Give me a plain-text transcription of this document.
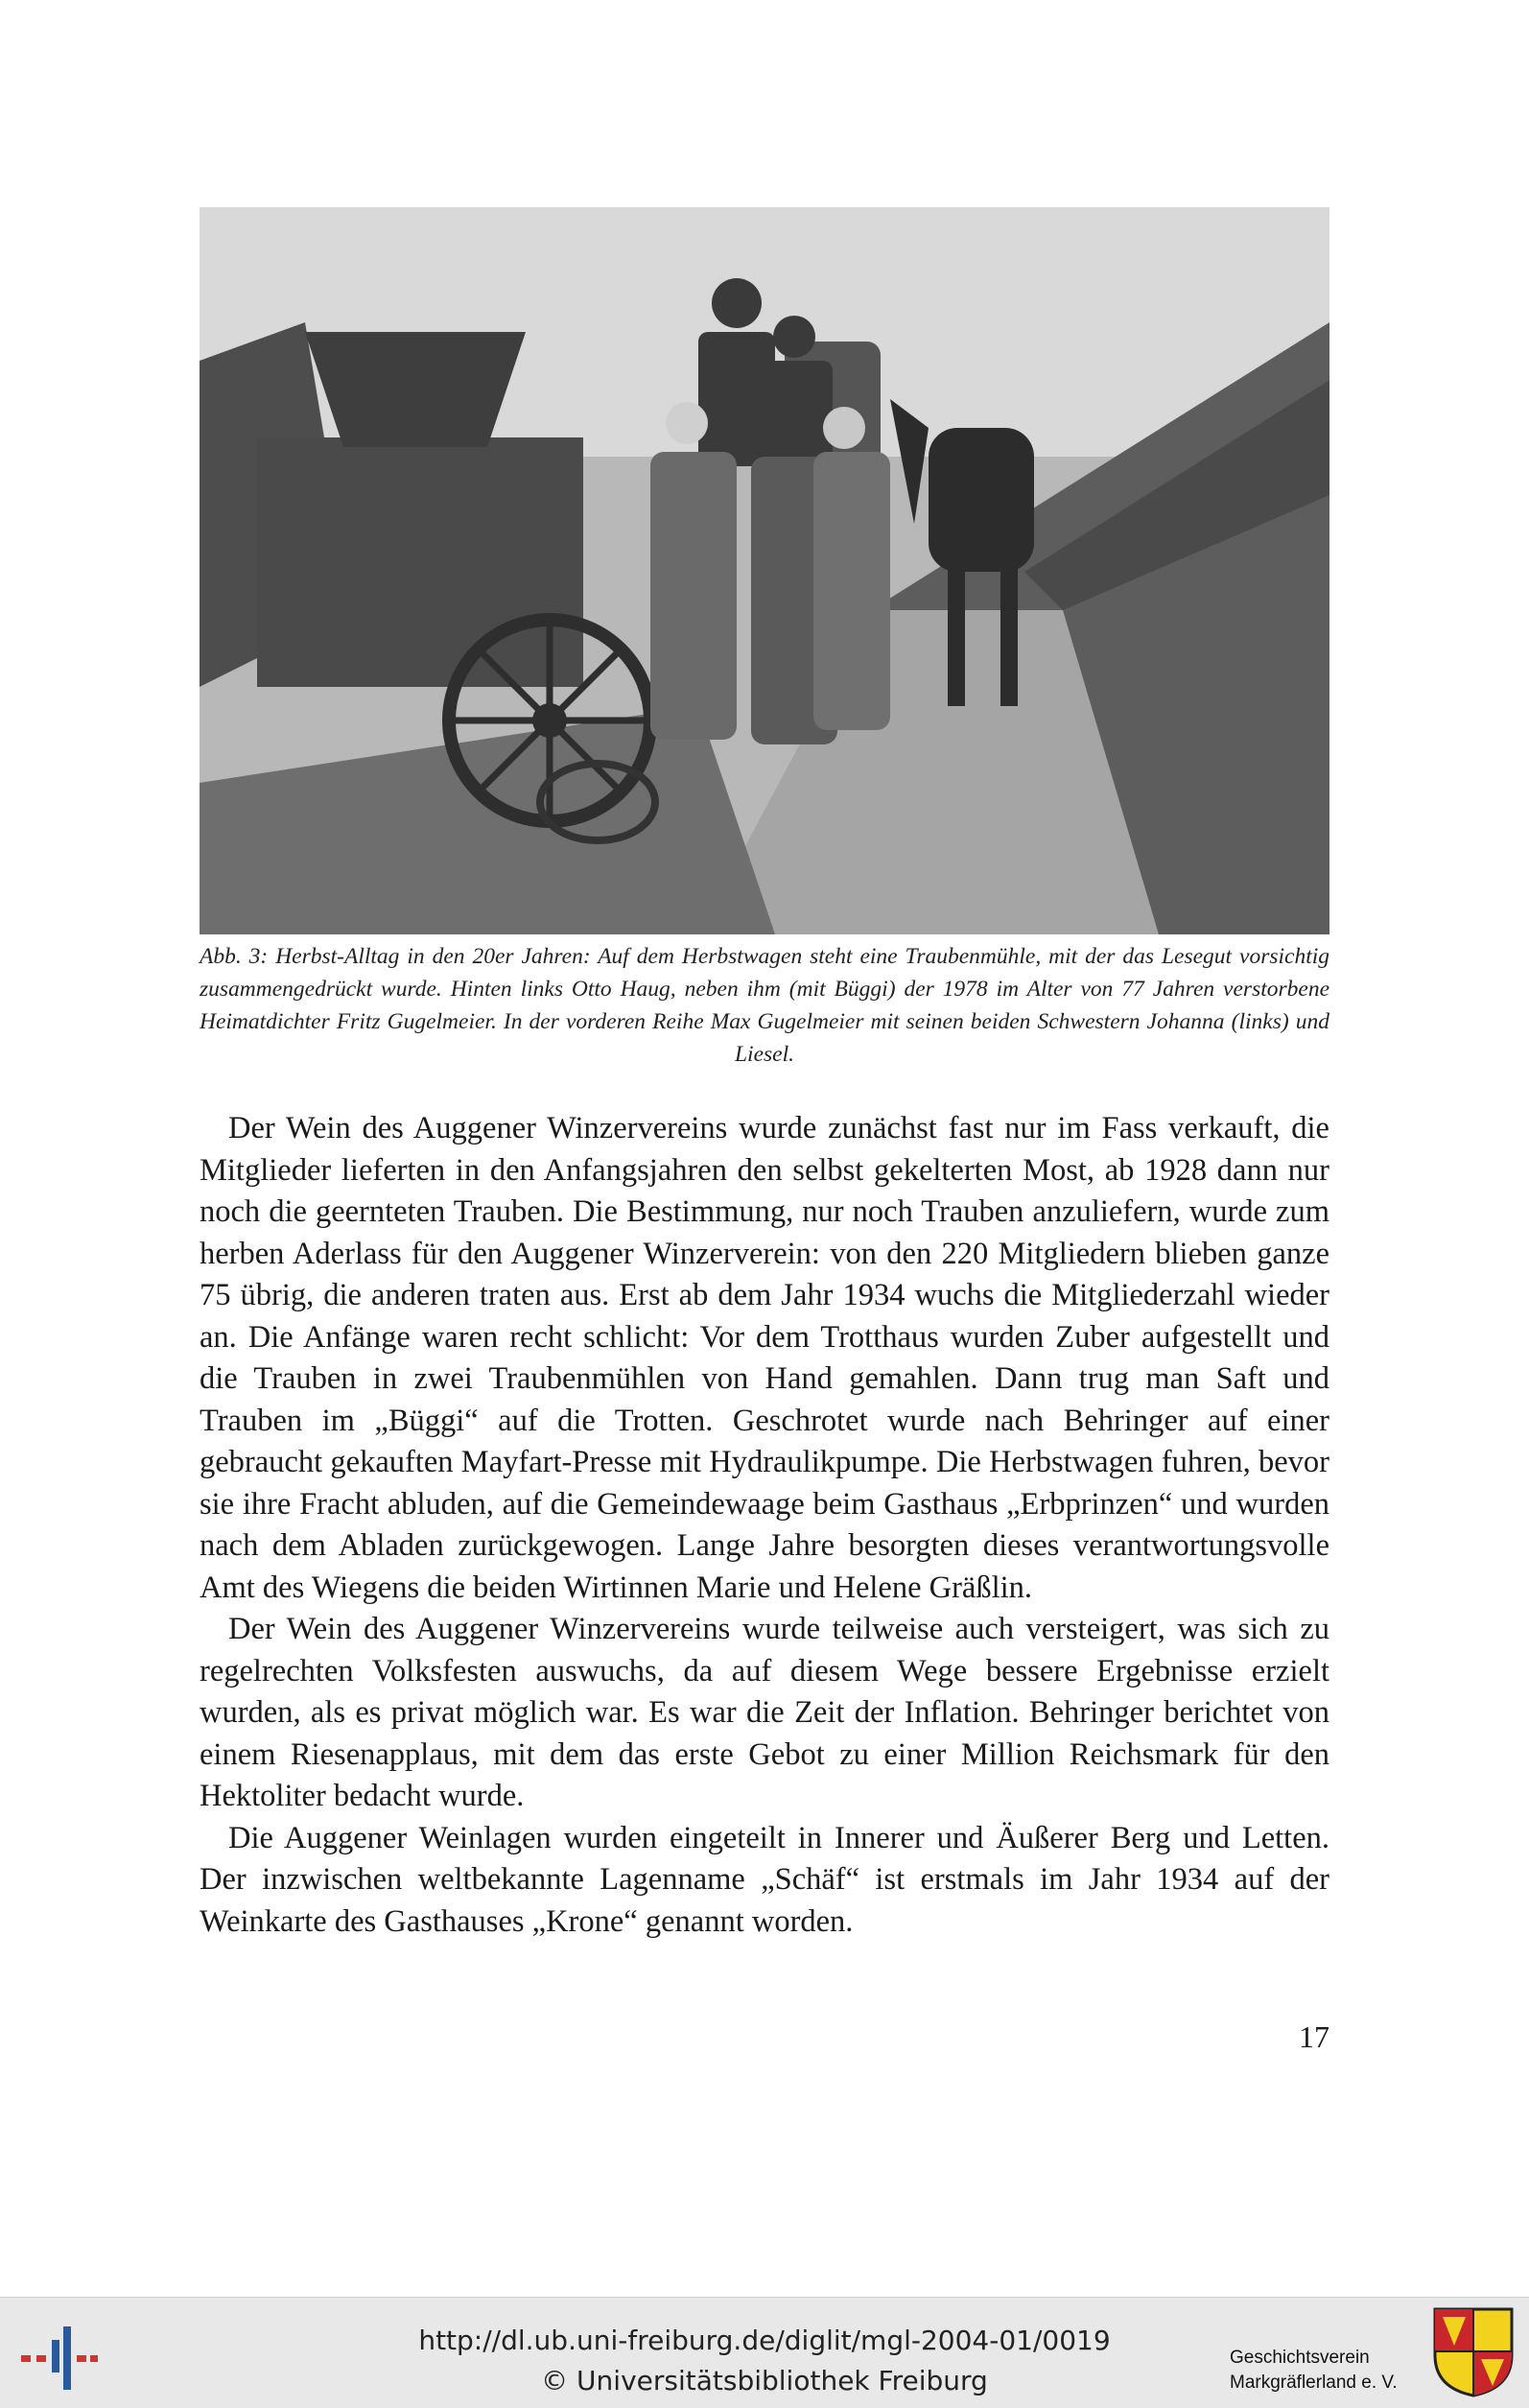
Abb. 3: Herbst-Alltag in den 20er Jahren: Auf dem Herbstwagen steht eine Traubenmühle, mit der das Lesegut vorsichtig zusammengedrückt wurde. Hinten links Otto Haug, neben ihm (mit Büggi) der 1978 im Alter von 77 Jahren verstorbene Heimatdichter Fritz Gugelmeier. In der vorderen Reihe Max Gugelmeier mit seinen beiden Schwestern Johanna (links) und Liesel.

Der Wein des Auggener Winzervereins wurde zunächst fast nur im Fass verkauft, die Mitglieder lieferten in den Anfangsjahren den selbst gekelterten Most, ab 1928 dann nur noch die geernteten Trauben. Die Bestimmung, nur noch Trauben anzuliefern, wurde zum herben Aderlass für den Auggener Winzerverein: von den 220 Mitgliedern blieben ganze 75 übrig, die anderen traten aus. Erst ab dem Jahr 1934 wuchs die Mitgliederzahl wieder an. Die Anfänge waren recht schlicht: Vor dem Trotthaus wurden Zuber aufgestellt und die Trauben in zwei Traubenmühlen von Hand gemahlen. Dann trug man Saft und Trauben im „Büggi“ auf die Trotten. Geschrotet wurde nach Behringer auf einer gebraucht gekauften Mayfart-Presse mit Hydraulikpumpe. Die Herbstwagen fuhren, bevor sie ihre Fracht abluden, auf die Gemeindewaage beim Gasthaus „Erbprinzen“ und wurden nach dem Abladen zurückgewogen. Lange Jahre besorgten dieses verantwortungsvolle Amt des Wiegens die beiden Wirtinnen Marie und Helene Gräßlin.

Der Wein des Auggener Winzervereins wurde teilweise auch versteigert, was sich zu regelrechten Volksfesten auswuchs, da auf diesem Wege bessere Ergebnisse erzielt wurden, als es privat möglich war. Es war die Zeit der Inflation. Behringer berichtet von einem Riesenapplaus, mit dem das erste Gebot zu einer Million Reichsmark für den Hektoliter bedacht wurde.

Die Auggener Weinlagen wurden eingeteilt in Innerer und Äußerer Berg und Letten. Der inzwischen weltbekannte Lagenname „Schäf“ ist erstmals im Jahr 1934 auf der Weinkarte des Gasthauses „Krone“ genannt worden.

17
http://dl.ub.uni-freiburg.de/diglit/mgl-2004-01/0019
© Universitätsbibliothek Freiburg
Geschichtsverein
Markgräflerland e. V.
